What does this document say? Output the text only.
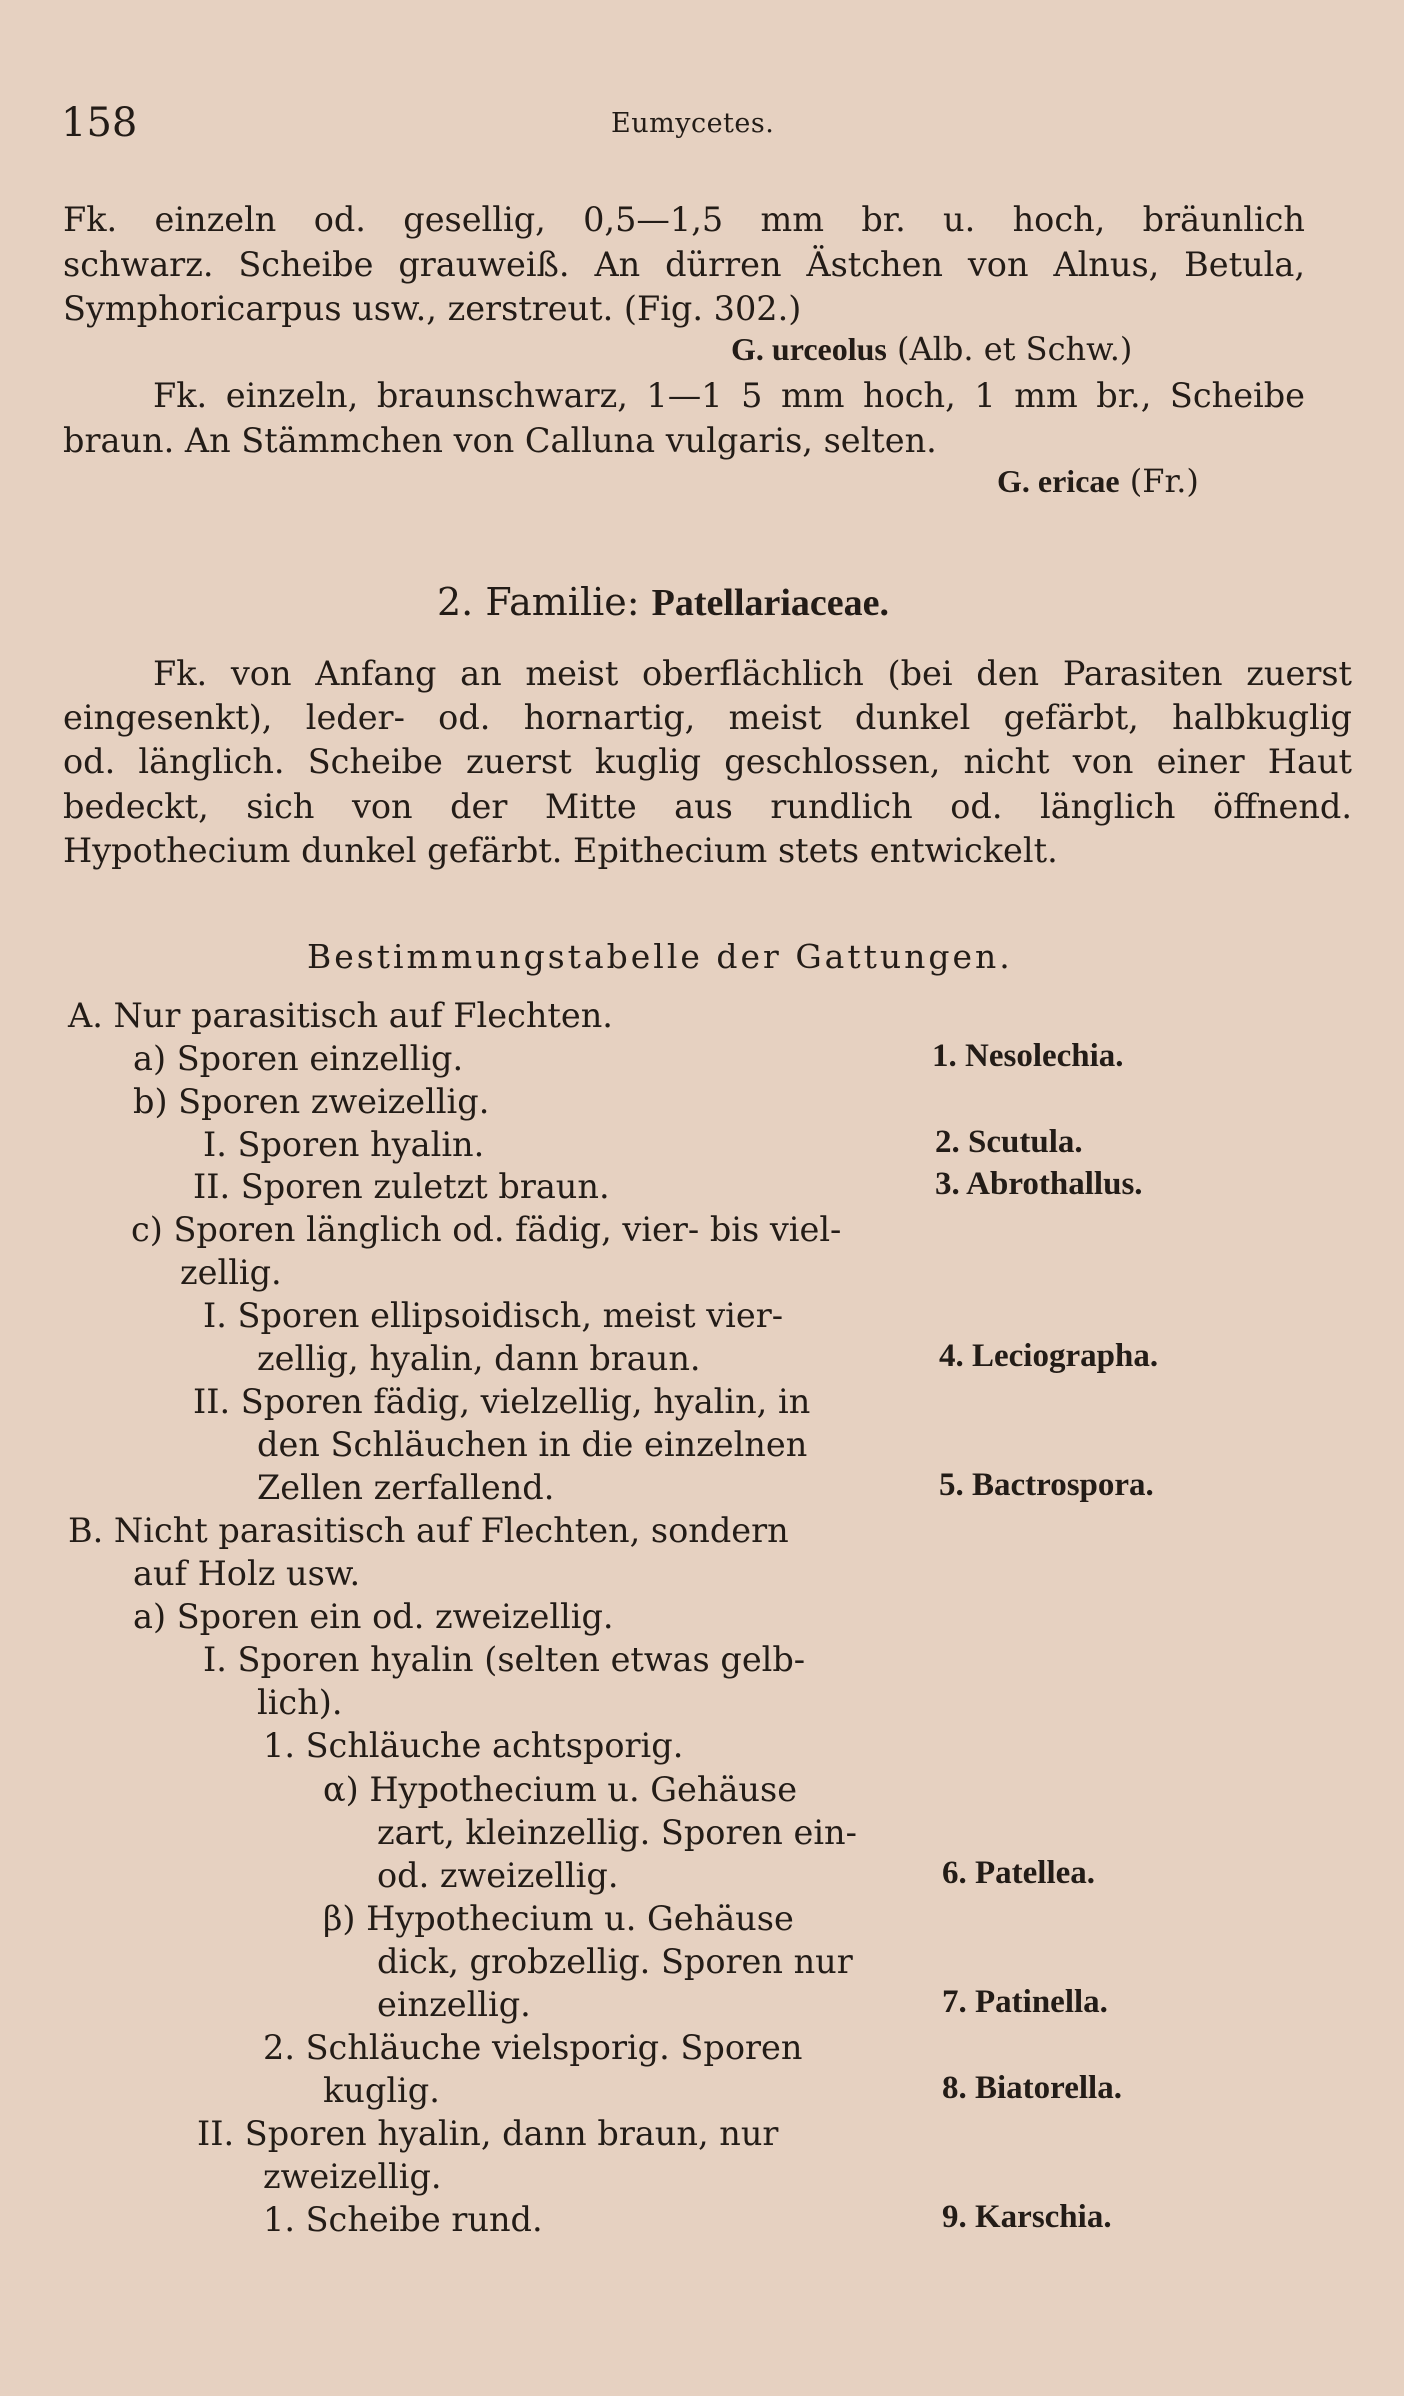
158	Eumycetes.
Fk. einzeln od. gesellig, 0,5—1,5 mm br. u. hoch, bräunlich
schwarz. Scheibe grauweiß. An dürren Ästchen von Alnus, Betula,
Symphoricarpus usw., zerstreut. (Fig. 302.)
G. urceolus (Alb. et Schw.)
Fk. einzeln, braunschwarz, 1—1 5 mm hoch, 1 mm br., Scheibe
braun. An Stämmchen von Calluna vulgaris, selten.
G. ericae (Fr.)
2. Familie: Patellariaceae.
Fk. von Anfang an meist oberflächlich (bei den Parasiten zuerst
eingesenkt), leder- od. hornartig, meist dunkel gefärbt, halbkuglig
od. länglich. Scheibe zuerst kuglig geschlossen, nicht von einer Haut
bedeckt, sich von der Mitte aus rundlich od. länglich öffnend.
Hypothecium dunkel gefärbt. Epithecium stets entwickelt.
Bestimmungstabelle der Gattungen.
A. Nur parasitisch auf Flechten.
a) Sporen einzellig.	1. Nesolechia.
b) Sporen zweizellig.
I. Sporen hyalin.	2. Scutula.
II. Sporen zuletzt braun.	3. Abrothallus.
c) Sporen länglich od. fädig, vier- bis viel-
zellig.
I. Sporen ellipsoidisch, meist vier-
zellig, hyalin, dann braun.	4. Leciographa.
II. Sporen fädig, vielzellig, hyalin, in
den Schläuchen in die einzelnen
Zellen zerfallend.	5. Bactrospora.
B. Nicht parasitisch auf Flechten, sondern
auf Holz usw.
a) Sporen ein od. zweizellig.
I. Sporen hyalin (selten etwas gelb-
lich).
1. Schläuche achtsporig.
α) Hypothecium u. Gehäuse
zart, kleinzellig. Sporen ein-
od. zweizellig.	6. Patellea.
β) Hypothecium u. Gehäuse
dick, grobzellig. Sporen nur
einzellig.	7. Patinella.
2. Schläuche vielsporig. Sporen
kuglig.	8. Biatorella.
II. Sporen hyalin, dann braun, nur
zweizellig.
1. Scheibe rund.	9. Karschia.
